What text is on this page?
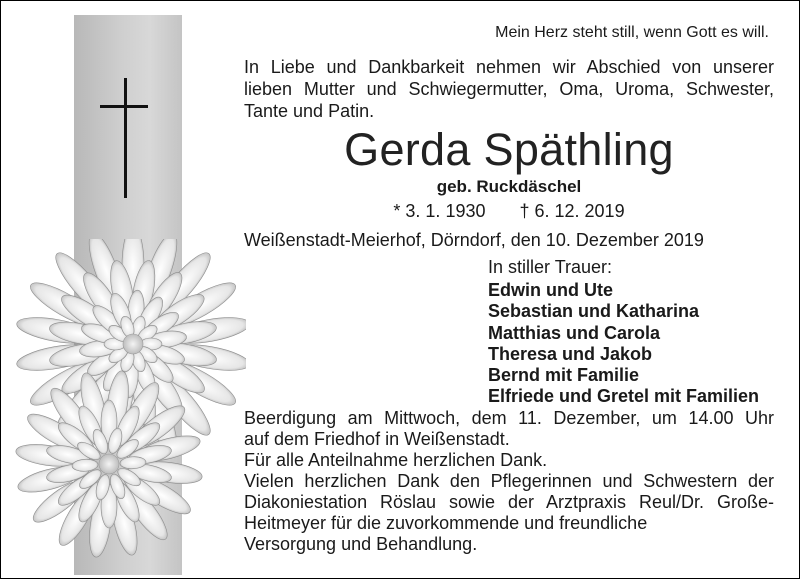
Mein Herz steht still, wenn Gott es will.

In Liebe und Dankbarkeit nehmen wir Abschied von unserer
lieben Mutter und Schwiegermutter, Oma, Uroma, Schwester,
Tante und Patin.

Gerda Späthling

geb. Ruckdäschel

* 3. 1. 1930 † 6. 12. 2019

Weißenstadt-Meierhof, Dörndorf, den 10. Dezember 2019

In stiller Trauer:

Edwin und Ute
Sebastian und Katharina
Matthias und Carola
Theresa und Jakob
Bernd mit Familie
Elfriede und Gretel mit Familien
Beerdigung am Mittwoch, dem 11. Dezember, um 14.00 Uhr
auf dem Friedhof in Weißenstadt.
Für alle Anteilnahme herzlichen Dank.
Vielen herzlichen Dank den Pflegerinnen und Schwestern der
Diakoniestation Röslau sowie der Arztpraxis Reul/Dr. Große-
Heitmeyer für die zuvorkommende und freundliche
Versorgung und Behandlung.
